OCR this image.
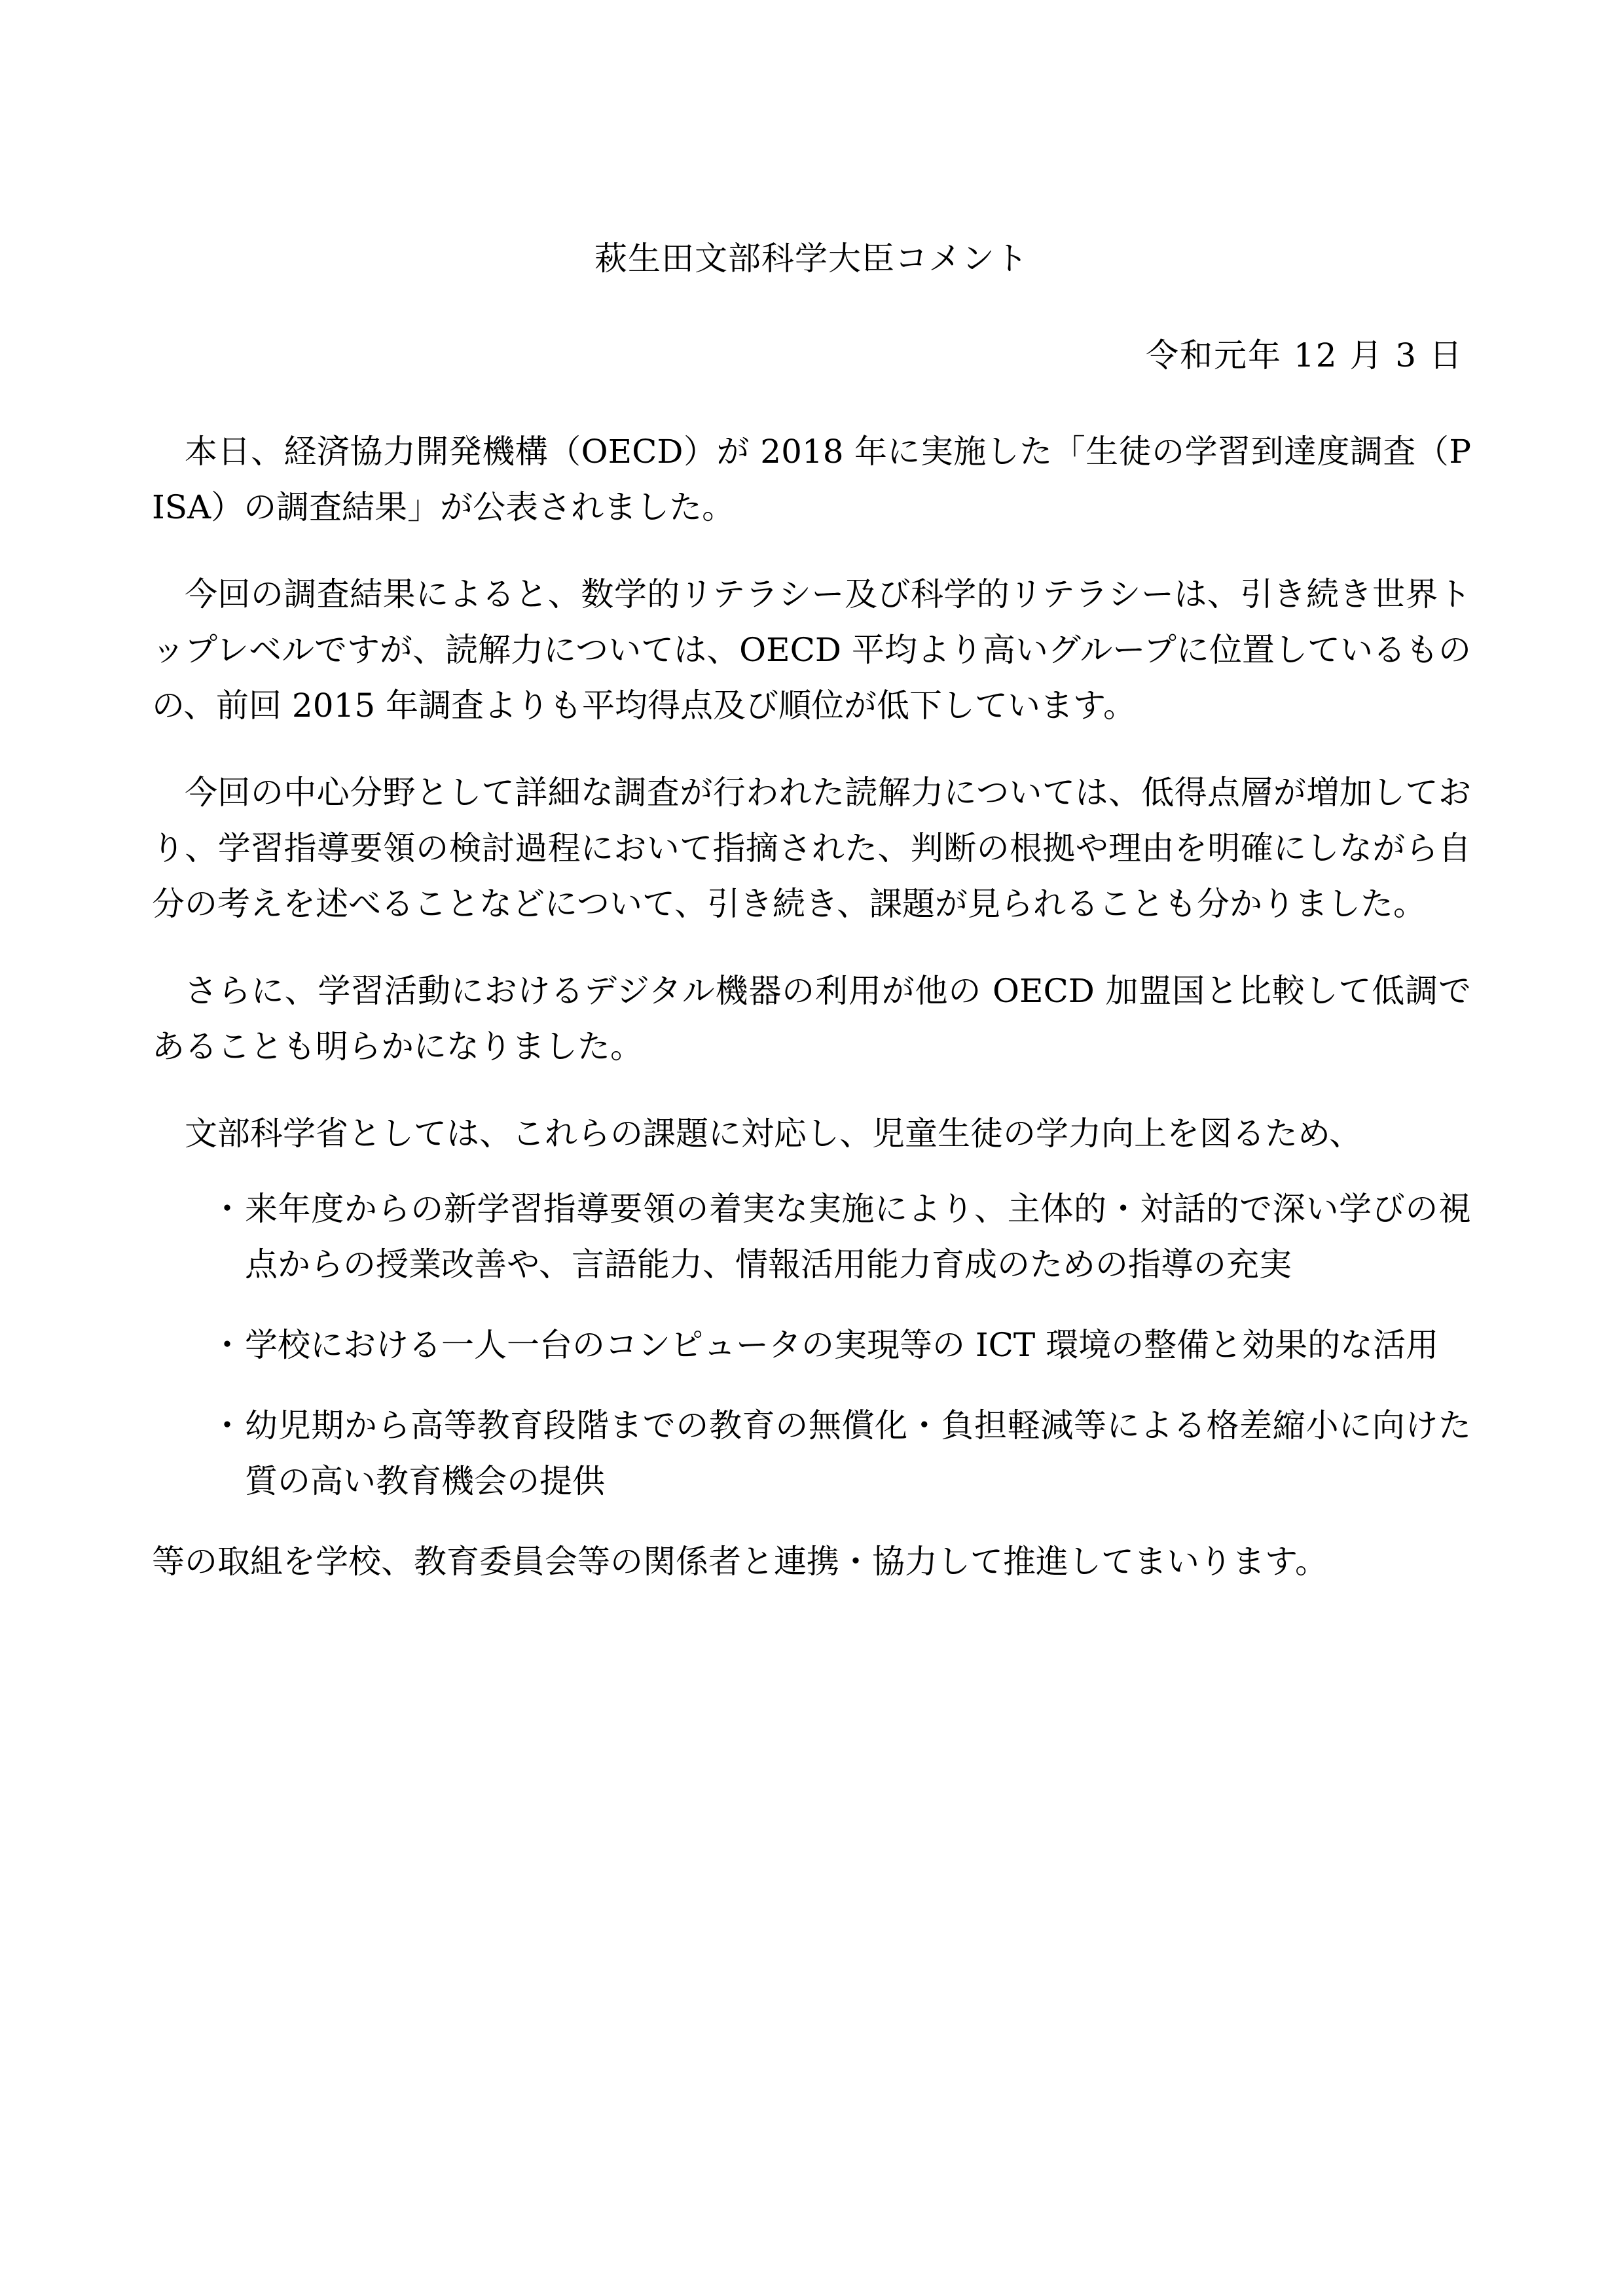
萩生田文部科学大臣コメント
令和元年 12 月 3 日

本日、経済協力開発機構（OECD）が 2018 年に実施した「生徒の学習到達度調査（PISA）の調査結果」が公表されました。

今回の調査結果によると、数学的リテラシー及び科学的リテラシーは、引き続き世界トップレベルですが、読解力については、OECD 平均より高いグループに位置しているものの、前回 2015 年調査よりも平均得点及び順位が低下しています。

今回の中心分野として詳細な調査が行われた読解力については、低得点層が増加しており、学習指導要領の検討過程において指摘された、判断の根拠や理由を明確にしながら自分の考えを述べることなどについて、引き続き、課題が見られることも分かりました。

さらに、学習活動におけるデジタル機器の利用が他の OECD 加盟国と比較して低調であることも明らかになりました。

文部科学省としては、これらの課題に対応し、児童生徒の学力向上を図るため、

・ 来年度からの新学習指導要領の着実な実施により、主体的・対話的で深い学びの視点からの授業改善や、言語能力、情報活用能力育成のための指導の充実
・ 学校における一人一台のコンピュータの実現等の ICT 環境の整備と効果的な活用
・ 幼児期から高等教育段階までの教育の無償化・負担軽減等による格差縮小に向けた質の高い教育機会の提供

等の取組を学校、教育委員会等の関係者と連携・協力して推進してまいります。
